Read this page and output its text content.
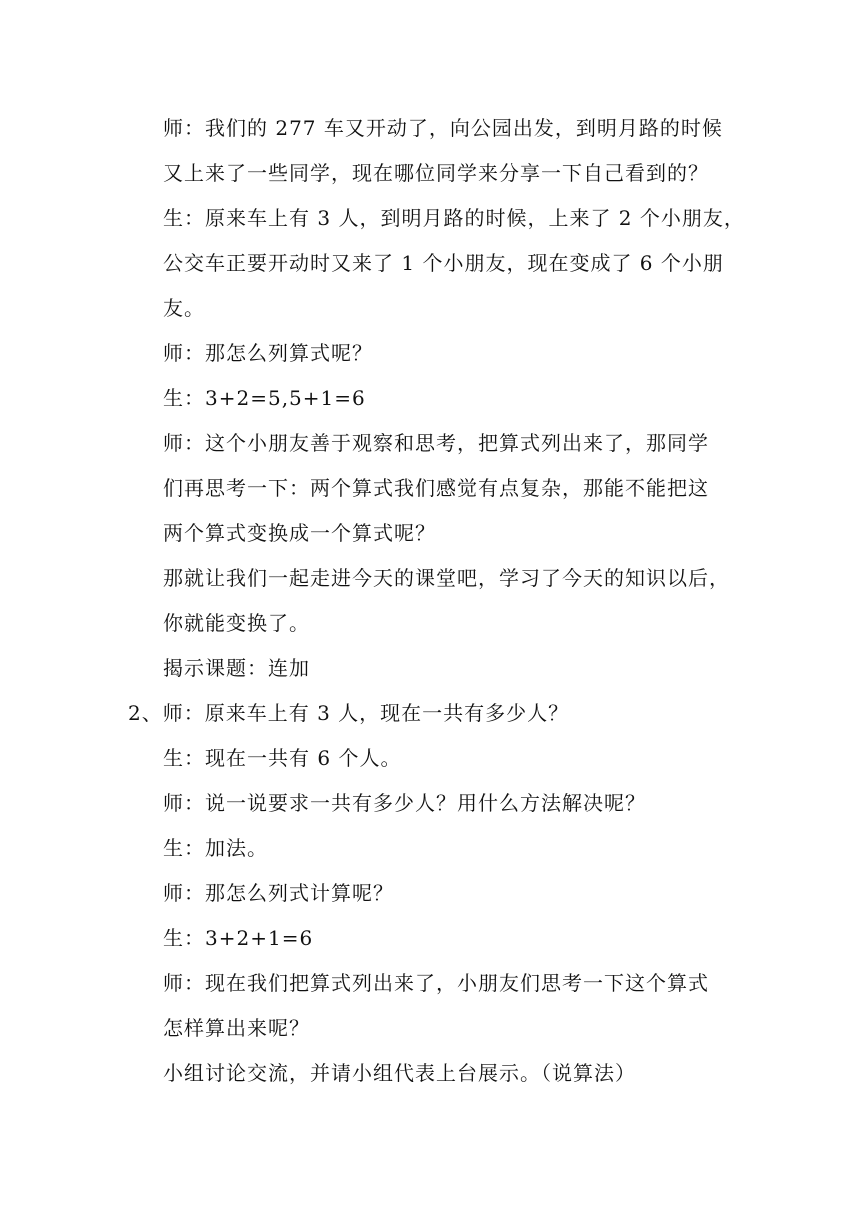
师：我们的 277 车又开动了，向公园出发，到明月路的时候
又上来了一些同学，现在哪位同学来分享一下自己看到的？
生：原来车上有 3 人，到明月路的时候，上来了 2 个小朋友，
公交车正要开动时又来了 1 个小朋友，现在变成了 6 个小朋
友。
师：那怎么列算式呢？
生：3+2=5,5+1=6
师：这个小朋友善于观察和思考，把算式列出来了，那同学
们再思考一下：两个算式我们感觉有点复杂，那能不能把这
两个算式变换成一个算式呢？
那就让我们一起走进今天的课堂吧，学习了今天的知识以后，
你就能变换了。
揭示课题：连加
2、师：原来车上有 3 人，现在一共有多少人？
生：现在一共有 6 个人。
师：说一说要求一共有多少人？用什么方法解决呢？
生：加法。
师：那怎么列式计算呢？
生：3+2+1=6
师：现在我们把算式列出来了，小朋友们思考一下这个算式
怎样算出来呢？
小组讨论交流，并请小组代表上台展示。（说算法）
